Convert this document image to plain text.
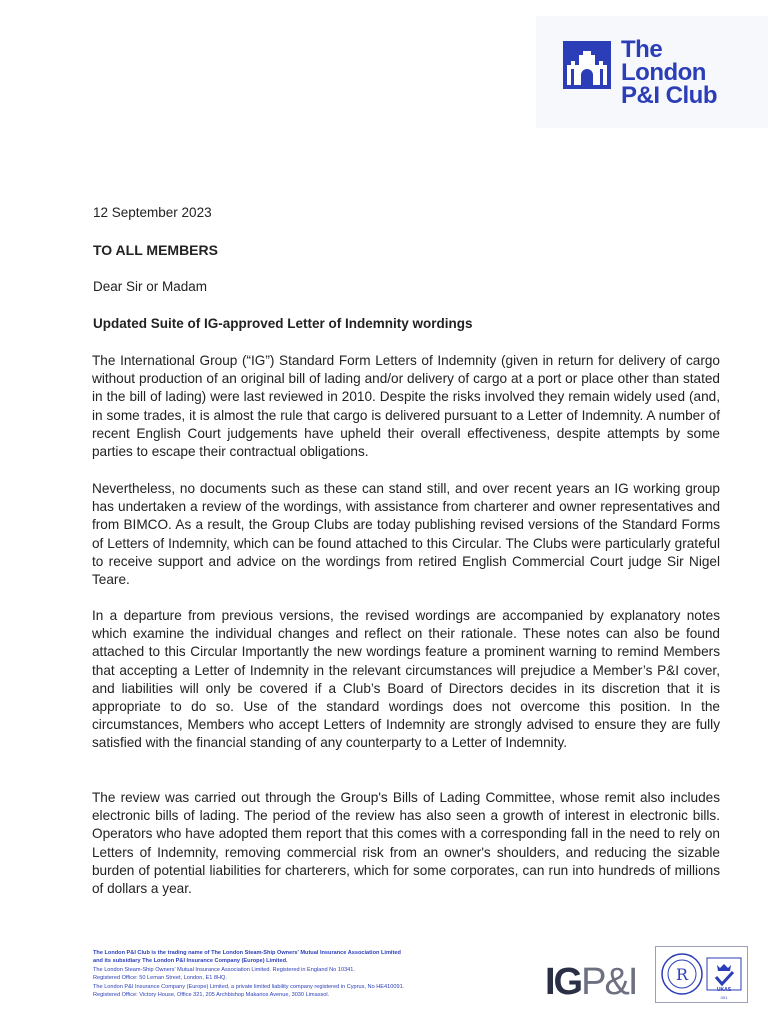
The
London
P&I Club
12 September 2023
TO ALL MEMBERS
Dear Sir or Madam
Updated Suite of IG-approved Letter of Indemnity wordings

The International Group (“IG”) Standard Form Letters of Indemnity (given in return for delivery of cargo without production of an original bill of lading and/or delivery of cargo at a port or place other than stated in the bill of lading) were last reviewed in 2010. Despite the risks involved they remain widely used (and, in some trades, it is almost the rule that cargo is delivered pursuant to a Letter of Indemnity. A number of recent English Court judgements have upheld their overall effectiveness, despite attempts by some parties to escape their contractual obligations.

Nevertheless, no documents such as these can stand still, and over recent years an IG working group has undertaken a review of the wordings, with assistance from charterer and owner representatives and from BIMCO. As a result, the Group Clubs are today publishing revised versions of the Standard Forms of Letters of Indemnity, which can be found attached to this Circular. The Clubs were particularly grateful to receive support and advice on the wordings from retired English Commercial Court judge Sir Nigel Teare.

In a departure from previous versions, the revised wordings are accompanied by explanatory notes which examine the individual changes and reflect on their rationale. These notes can also be found attached to this Circular Importantly the new wordings feature a prominent warning to remind Members that accepting a Letter of Indemnity in the relevant circumstances will prejudice a Member’s P&I cover, and liabilities will only be covered if a Club’s Board of Directors decides in its discretion that it is appropriate to do so. Use of the standard wordings does not overcome this position. In the circumstances, Members who accept Letters of Indemnity are strongly advised to ensure they are fully satisfied with the financial standing of any counterparty to a Letter of Indemnity.

The review was carried out through the Group's Bills of Lading Committee, whose remit also includes electronic bills of lading. The period of the review has also seen a growth of interest in electronic bills. Operators who have adopted them report that this comes with a corresponding fall in the need to rely on Letters of Indemnity, removing commercial risk from an owner's shoulders, and reducing the sizable burden of potential liabilities for charterers, which for some corporates, can run into hundreds of millions of dollars a year.

The London P&I Club is the trading name of The London Steam-Ship Owners' Mutual Insurance Association Limited
and its subsidiary The London P&I Insurance Company (Europe) Limited.
The London Steam-Ship Owners' Mutual Insurance Association Limited. Registered in England No 10341.
Registered Office: 50 Leman Street, London, E1 8HQ.
The London P&I Insurance Company (Europe) Limited, a private limited liability company registered in Cyprus, No HE410091.
Registered Office: Victory House, Office 321, 205 Archbishop Makarios Avenue, 3030 Limassol.	IGP&I R
UKAS
001
